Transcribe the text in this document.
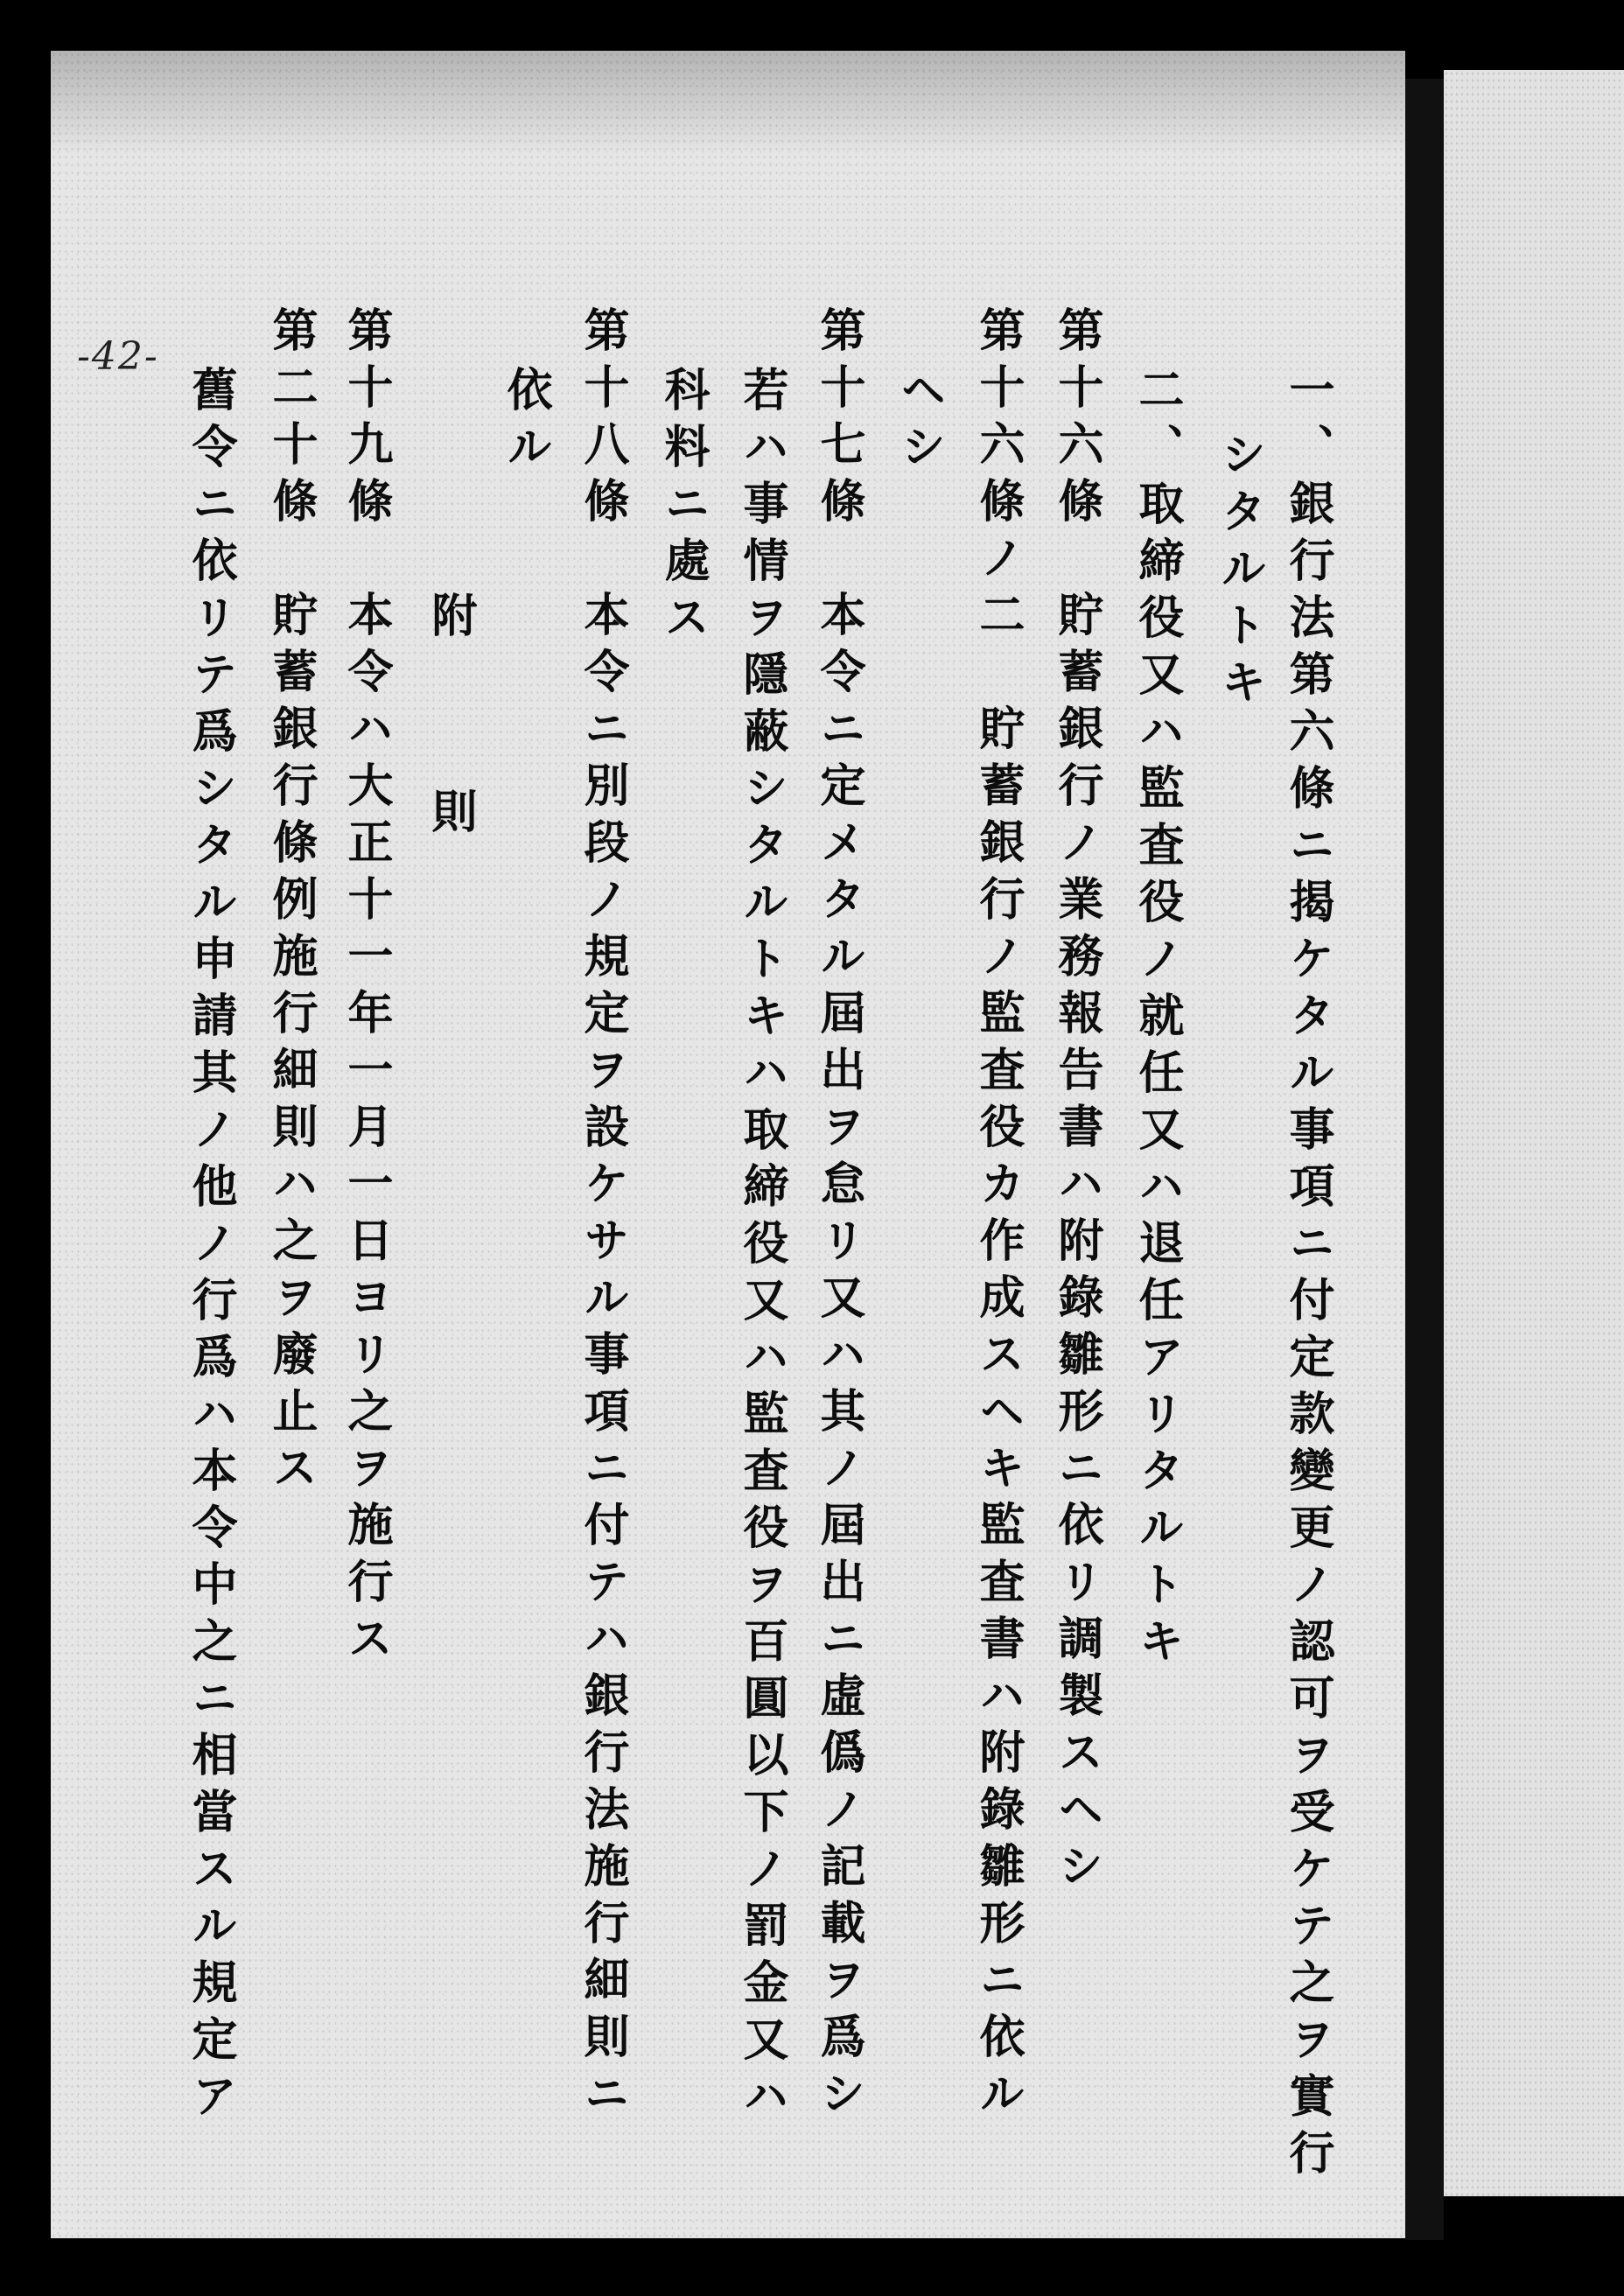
-42-
一、銀行法第六條ニ揭ケタル事項ニ付定款變更ノ認可ヲ受ケテ之ヲ實行
シタルトキ
二、取締役又ハ監査役ノ就任又ハ退任アリタルトキ
第十六條　貯蓄銀行ノ業務報告書ハ附錄雛形ニ依リ調製スヘシ
第十六條ノ二　貯蓄銀行ノ監査役カ作成スヘキ監査書ハ附錄雛形ニ依ル
ヘシ
第十七條　本令ニ定メタル屆出ヲ怠リ又ハ其ノ屆出ニ虛僞ノ記載ヲ爲シ
若ハ事情ヲ隱蔽シタルトキハ取締役又ハ監査役ヲ百圓以下ノ罰金又ハ
科料ニ處ス
第十八條　本令ニ別段ノ規定ヲ設ケサル事項ニ付テハ銀行法施行細則ニ
依ル
附　則
第十九條　本令ハ大正十一年一月一日ヨリ之ヲ施行ス
第二十條　貯蓄銀行條例施行細則ハ之ヲ廢止ス
舊令ニ依リテ爲シタル申請其ノ他ノ行爲ハ本令中之ニ相當スル規定ア
